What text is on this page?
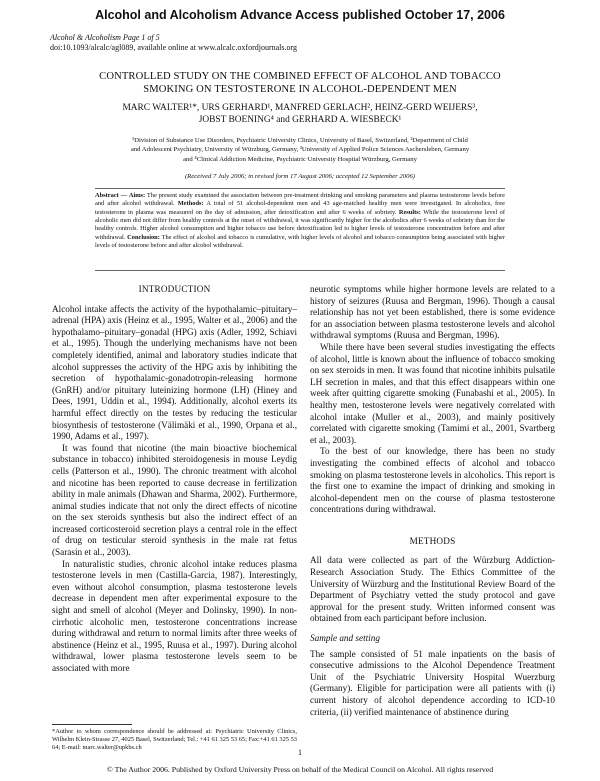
Alcohol and Alcoholism Advance Access published October 17, 2006
Alcohol & Alcoholism Page 1 of 5
doi:10.1093/alcalc/agl089, available online at www.alcalc.oxfordjournals.org
CONTROLLED STUDY ON THE COMBINED EFFECT OF ALCOHOL AND TOBACCO
SMOKING ON TESTOSTERONE IN ALCOHOL-DEPENDENT MEN
MARC WALTER¹*, URS GERHARD¹, MANFRED GERLACH², HEINZ-GERD WEIJERS³,
JOBST BOENING⁴ and GERHARD A. WIESBECK¹
¹Division of Substance Use Disorders, Psychiatric University Clinics, University of Basel, Switzerland, ²Department of Child
and Adolescent Psychiatry, University of Würzburg, Germany, ³University of Applied Police Sciences Aschersleben, Germany
and ⁴Clinical Addiction Medicine, Psychiatric University Hospital Würzburg, Germany
(Received 7 July 2006; in revised form 17 August 2006; accepted 12 September 2006)
Abstract — Aims: The present study examined the association between pre-treatment drinking and smoking parameters and plasma testosterone levels before and after alcohol withdrawal. Methods: A total of 51 alcohol-dependent men and 43 age-matched healthy men were investigated. In alcoholics, free testosterone in plasma was measured on the day of admission, after detoxification and after 6 weeks of sobriety. Results: While the testosterone level of alcoholic men did not differ from healthy controls at the onset of withdrawal, it was significantly higher for the alcoholics after 6 weeks of sobriety than for the healthy controls. Higher alcohol consumption and higher tobacco use before detoxification led to higher levels of testosterone concentration before and after withdrawal. Conclusion: The effect of alcohol and tobacco is cumulative, with higher levels of alcohol and tobacco consumption being associated with higher levels of testosterone before and after alcohol withdrawal.
INTRODUCTION

Alcohol intake affects the activity of the hypothalamic–pituitary–adrenal (HPA) axis (Heinz et al., 1995, Walter et al., 2006) and the hypothalamo–pituitary–gonadal (HPG) axis (Adler, 1992, Schiavi et al., 1995). Though the underlying mechanisms have not been completely identified, animal and laboratory studies indicate that alcohol suppresses the activity of the HPG axis by inhibiting the secretion of hypothalamic-gonadotropin-releasing hormone (GnRH) and/or pituitary luteinizing hormone (LH) (Hiney and Dees, 1991, Uddin et al., 1994). Additionally, alcohol exerts its harmful effect directly on the testes by reducing the testicular biosynthesis of testosterone (Välimäki et al., 1990, Orpana et al., 1990, Adams et al., 1997).

It was found that nicotine (the main bioactive biochemical substance in tobacco) inhibited steroidogenesis in mouse Leydig cells (Patterson et al., 1990). The chronic treatment with alcohol and nicotine has been reported to cause decrease in fertilization ability in male animals (Dhawan and Sharma, 2002). Furthermore, animal studies indicate that not only the direct effects of nicotine on the sex steroids synthesis but also the indirect effect of an increased corticosteroid secretion plays a central role in the effect of drug on testicular steroid synthesis in the male rat fetus (Sarasin et al., 2003).

In naturalistic studies, chronic alcohol intake reduces plasma testosterone levels in men (Castilla-Garcia, 1987). Interestingly, even without alcohol consumption, plasma testosterone levels decrease in dependent men after experimental exposure to the sight and smell of alcohol (Meyer and Dolinsky, 1990). In non-cirrhotic alcoholic men, testosterone concentrations increase during withdrawal and return to normal limits after three weeks of abstinence (Heinz et al., 1995, Ruusa et al., 1997). During alcohol withdrawal, lower plasma testosterone levels seem to be associated with more

*Author to whom correspondence should be addressed at: Psychiatric University Clinics, Wilhelm Klein-Strasse 27, 4025 Basel, Switzerland; Tel.: +41 61 325 53 65; Fax:+41 61 325 53 64; E-mail: marc.walter@upkbs.ch

neurotic symptoms while higher hormone levels are related to a history of seizures (Ruusa and Bergman, 1996). Though a causal relationship has not yet been established, there is some evidence for an association between plasma testosterone levels and alcohol withdrawal symptoms (Ruusa and Bergman, 1996).

While there have been several studies investigating the effects of alcohol, little is known about the influence of tobacco smoking on sex steroids in men. It was found that nicotine inhibits pulsatile LH secretion in males, and that this effect disappears within one week after quitting cigarette smoking (Funabashi et al., 2005). In healthy men, testosterone levels were negatively correlated with alcohol intake (Muller et al., 2003), and mainly positively correlated with cigarette smoking (Tamimi et al., 2001, Svartberg et al., 2003).

To the best of our knowledge, there has been no study investigating the combined effects of alcohol and tobacco smoking on plasma testosterone levels in alcoholics. This report is the first one to examine the impact of drinking and smoking in alcohol-dependent men on the course of plasma testosterone concentrations during withdrawal.

METHODS

All data were collected as part of the Würzburg Addiction-Research Association Study. The Ethics Committee of the University of Würzburg and the Institutional Review Board of the Department of Psychiatry vetted the study protocol and gave approval for the present study. Written informed consent was obtained from each participant before inclusion.

Sample and setting

The sample consisted of 51 male inpatients on the basis of consecutive admissions to the Alcohol Dependence Treatment Unit of the Psychiatric University Hospital Wuerzburg (Germany). Eligible for participation were all patients with (i) current history of alcohol dependence according to ICD-10 criteria, (ii) verified maintenance of abstinence during

1
© The Author 2006. Published by Oxford University Press on behalf of the Medical Council on Alcohol. All rights reserved
